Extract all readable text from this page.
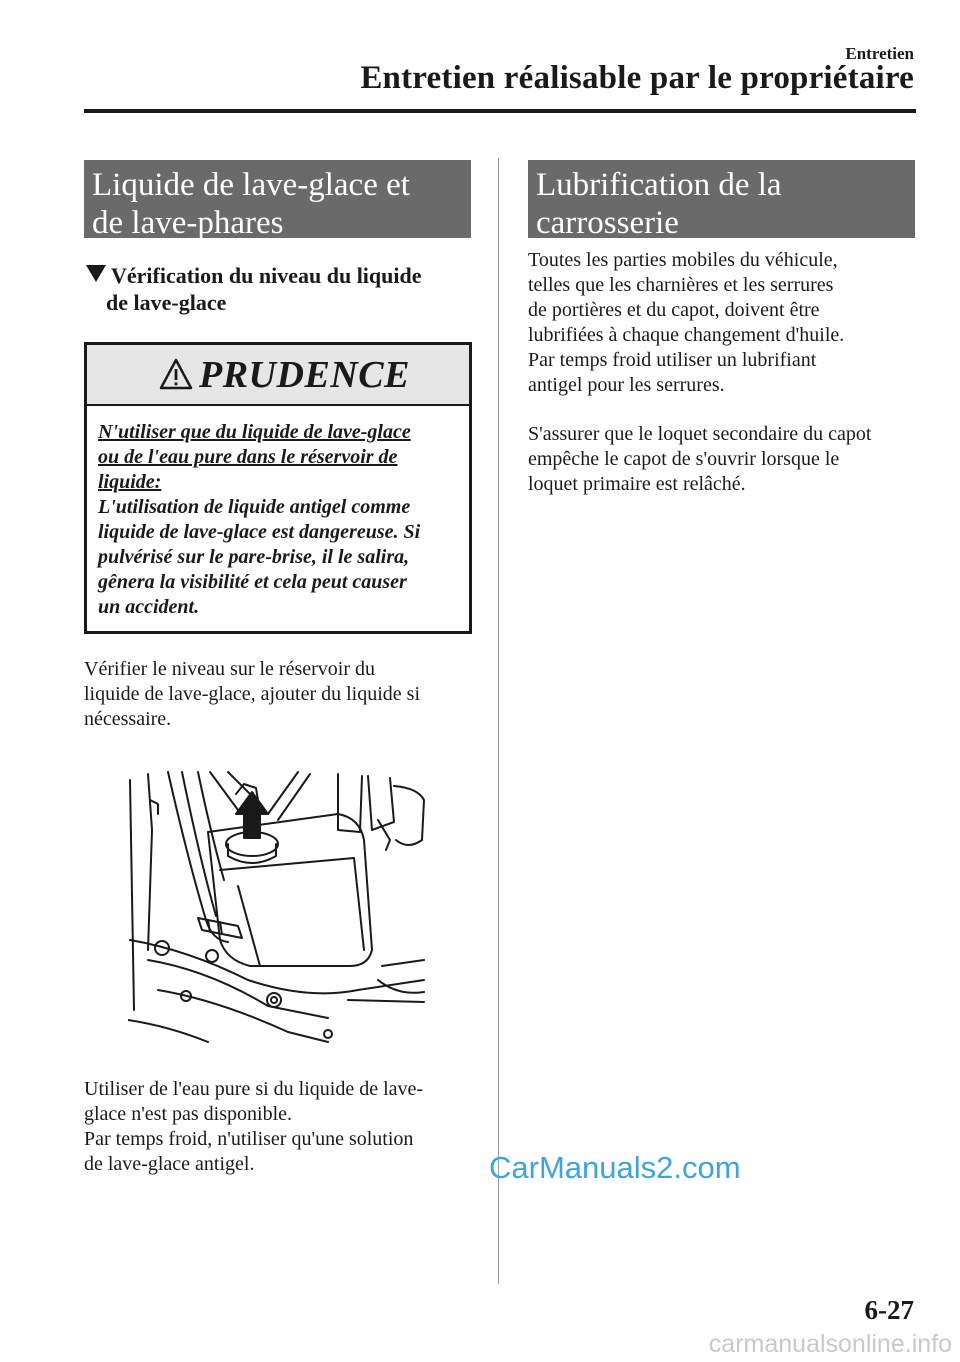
Entretien
Entretien réalisable par le propriétaire
Liquide de lave-glace et
de lave-phares
Vérification du niveau du liquide
de lave-glace
PRUDENCE
N'utiliser que du liquide de lave-glace
ou de l'eau pure dans le réservoir de
liquide:
L'utilisation de liquide antigel comme
liquide de lave-glace est dangereuse. Si
pulvérisé sur le pare-brise, il le salira,
gênera la visibilité et cela peut causer
un accident.
Vérifier le niveau sur le réservoir du
liquide de lave-glace, ajouter du liquide si
nécessaire.
Utiliser de l'eau pure si du liquide de lave-
glace n'est pas disponible.
Par temps froid, n'utiliser qu'une solution
de lave-glace antigel.
Lubrification de la
carrosserie
Toutes les parties mobiles du véhicule,
telles que les charnières et les serrures
de portières et du capot, doivent être
lubrifiées à chaque changement d'huile.
Par temps froid utiliser un lubrifiant
antigel pour les serrures.
S'assurer que le loquet secondaire du capot
empêche le capot de s'ouvrir lorsque le
loquet primaire est relâché.
CarManuals2.com
6-27
carmanualsonline.info
